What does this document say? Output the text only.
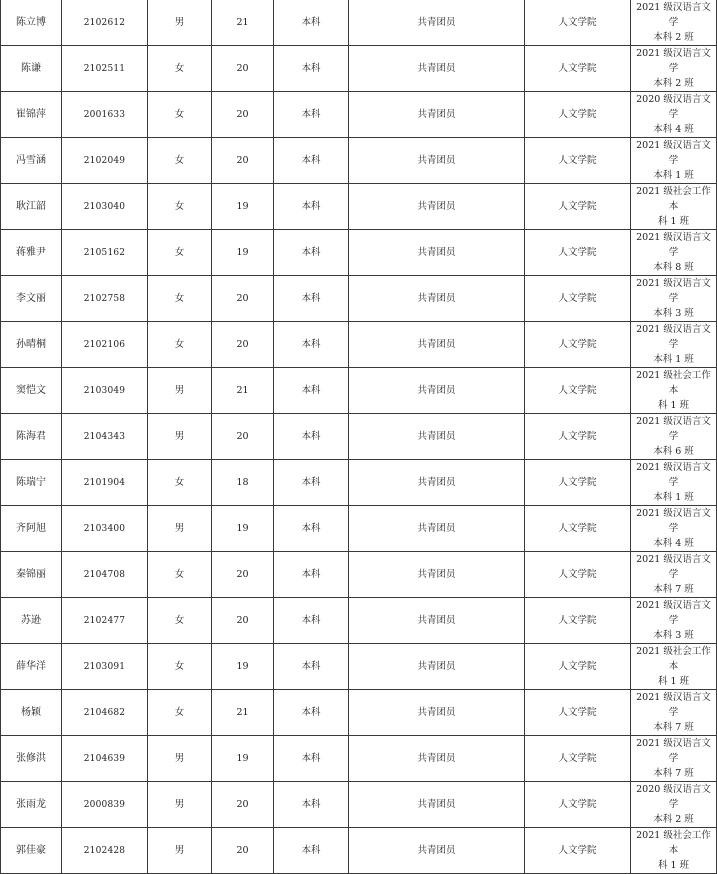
陈立博	2102612	男	21	本科	共青团员	人文学院	2021 级汉语言文学
本科 2 班

陈谦	2102511	女	20	本科	共青团员	人文学院	2021 级汉语言文学
本科 2 班

崔锦萍	2001633	女	20	本科	共青团员	人文学院	2020 级汉语言文学
本科 4 班

冯雪涵	2102049	女	20	本科	共青团员	人文学院	2021 级汉语言文学
本科 1 班

耿江韶	2103040	女	19	本科	共青团员	人文学院	2021 级社会工作本
科 1 班

蒋雅尹	2105162	女	19	本科	共青团员	人文学院	2021 级汉语言文学
本科 8 班

李文丽	2102758	女	20	本科	共青团员	人文学院	2021 级汉语言文学
本科 3 班

孙晴桐	2102106	女	20	本科	共青团员	人文学院	2021 级汉语言文学
本科 1 班

窦恺文	2103049	男	21	本科	共青团员	人文学院	2021 级社会工作本
科 1 班

陈海君	2104343	男	20	本科	共青团员	人文学院	2021 级汉语言文学
本科 6 班

陈瑞宁	2101904	女	18	本科	共青团员	人文学院	2021 级汉语言文学
本科 1 班

齐阿旭	2103400	男	19	本科	共青团员	人文学院	2021 级汉语言文学
本科 4 班

秦锦丽	2104708	女	20	本科	共青团员	人文学院	2021 级汉语言文学
本科 7 班

苏逊	2102477	女	20	本科	共青团员	人文学院	2021 级汉语言文学
本科 3 班

薛华洋	2103091	女	19	本科	共青团员	人文学院	2021 级社会工作本
科 1 班

杨颖	2104682	女	21	本科	共青团员	人文学院	2021 级汉语言文学
本科 7 班

张修洪	2104639	男	19	本科	共青团员	人文学院	2021 级汉语言文学
本科 7 班

张雨龙	2000839	男	20	本科	共青团员	人文学院	2020 级汉语言文学
本科 2 班

郭佳豪	2102428	男	20	本科	共青团员	人文学院	2021 级社会工作本
科 1 班
